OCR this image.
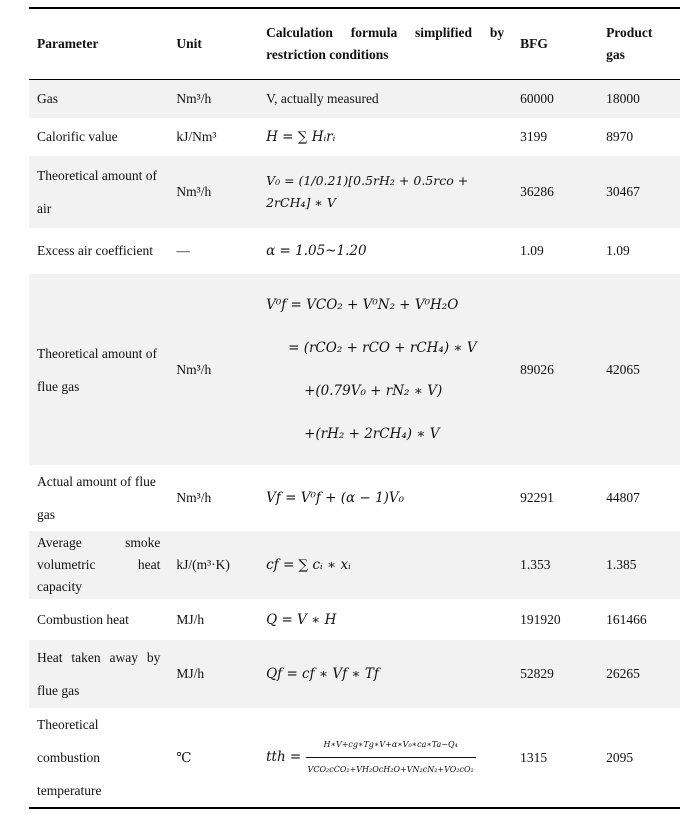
Parameter	Unit	Calculation formula simplified by restriction conditions	BFG	Product gas
Gas	Nm³/h	V, actually measured	60000	18000
Calorific value	kJ/Nm³	H = ∑ Hᵢrᵢ	3199	8970
Theoretical amount of air	Nm³/h	V₀ = (1/0.21)[0.5rH₂ + 0.5rco + 2rCH₄] ∗ V	36286	30467
Excess air coefficient	—	α = 1.05~1.20	1.09	1.09
Theoretical amount of flue gas	Nm³/h	V⁰f = VCO₂ + V⁰N₂ + V⁰H₂O
= (rCO₂ + rCO + rCH₄) ∗ V
+(0.79V₀ + rN₂ ∗ V)
+(rH₂ + 2rCH₄) ∗ V	89026	42065
Actual amount of flue gas	Nm³/h	Vf = V⁰f + (α − 1)V₀	92291	44807
Average smoke volumetric heat capacity	kJ/(m³·K)	cf = ∑ cᵢ ∗ xᵢ	1.353	1.385
Combustion heat	MJ/h	Q = V ∗ H	191920	161466
Heat taken away by flue gas	MJ/h	Qf = cf ∗ Vf ∗ Tf	52829	26265
Theoretical combustion temperature	℃	tth = $\frac{\text{H∗V+cg∗Tg∗V+α∗V₀∗ca∗Ta−Q₄}}{\text{VCO₂cCO₂+VH₂OcH₂O+VN₂cN₂+VO₂cO₂}}$	1315	2095
